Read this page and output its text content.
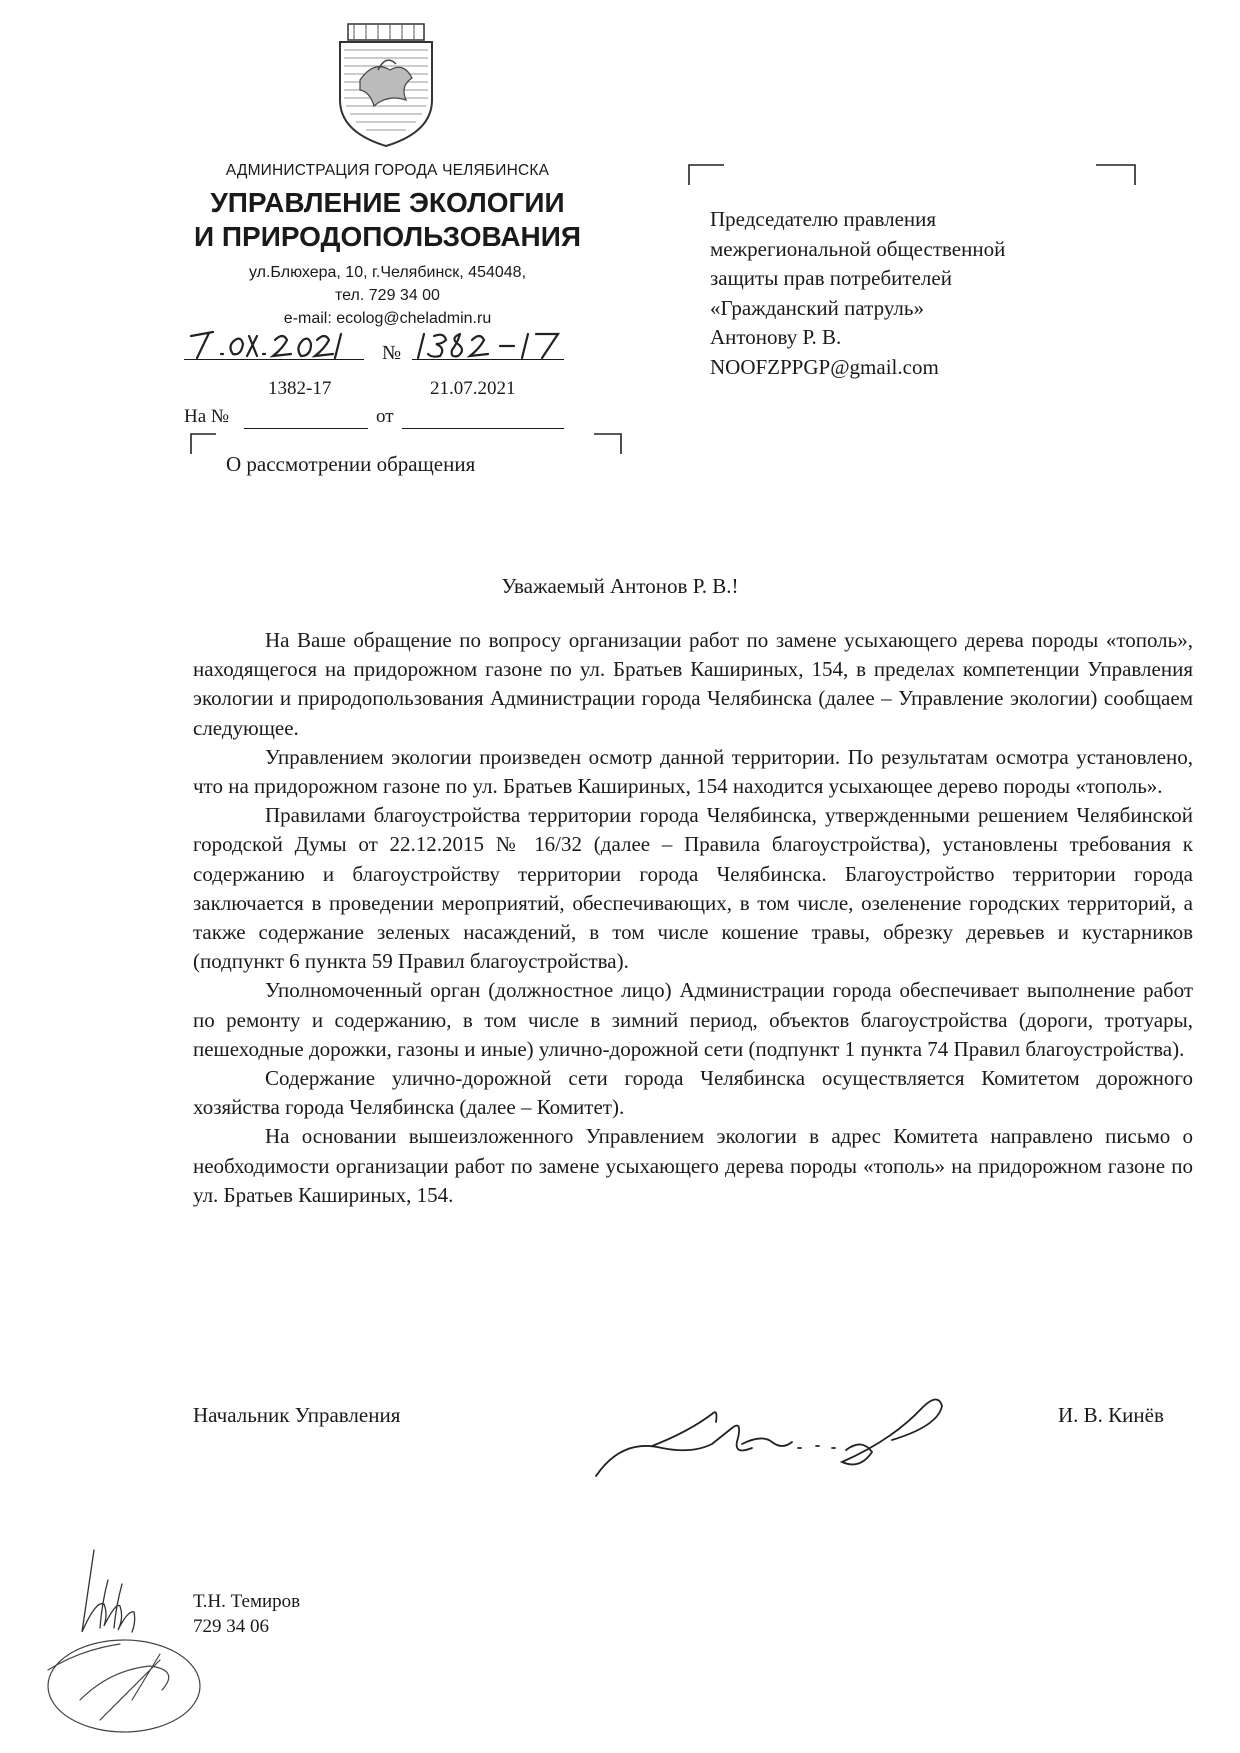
АДМИНИСТРАЦИЯ ГОРОДА ЧЕЛЯБИНСКА
УПРАВЛЕНИЕ ЭКОЛОГИИ
И ПРИРОДОПОЛЬЗОВАНИЯ
ул.Блюхера, 10, г.Челябинск, 454048,
тел. 729 34 00
e-mail: ecolog@cheladmin.ru
№
1382-17	21.07.2021
На №	от
О рассмотрении обращения
Председателю правления
межрегиональной общественной
защиты прав потребителей
«Гражданский патруль»
Антонову Р. В.
NOOFZPPGP@gmail.com
Уважаемый Антонов Р. В.!

На Ваше обращение по вопросу организации работ по замене усыхающего дерева породы «тополь», находящегося на придорожном газоне по ул. Братьев Кашириных, 154, в пределах компетенции Управления экологии и природопользования Администрации города Челябинска (далее – Управление экологии) сообщаем следующее.

Управлением экологии произведен осмотр данной территории. По результатам осмотра установлено, что на придорожном газоне по ул. Братьев Кашириных, 154 находится усыхающее дерево породы «тополь».

Правилами благоустройства территории города Челябинска, утвержденными решением Челябинской городской Думы от 22.12.2015 № 16/32 (далее – Правила благоустройства), установлены требования к содержанию и благоустройству территории города Челябинска. Благоустройство территории города заключается в проведении мероприятий, обеспечивающих, в том числе, озеленение городских территорий, а также содержание зеленых насаждений, в том числе кошение травы, обрезку деревьев и кустарников (подпункт 6 пункта 59 Правил благоустройства).

Уполномоченный орган (должностное лицо) Администрации города обеспечивает выполнение работ по ремонту и содержанию, в том числе в зимний период, объектов благоустройства (дороги, тротуары, пешеходные дорожки, газоны и иные) улично-дорожной сети (подпункт 1 пункта 74 Правил благоустройства).

Содержание улично-дорожной сети города Челябинска осуществляется Комитетом дорожного хозяйства города Челябинска (далее – Комитет).

На основании вышеизложенного Управлением экологии в адрес Комитета направлено письмо о необходимости организации работ по замене усыхающего дерева породы «тополь» на придорожном газоне по ул. Братьев Кашириных, 154.

Начальник Управления	И. В. Кинёв
Т.Н. Темиров
729 34 06
